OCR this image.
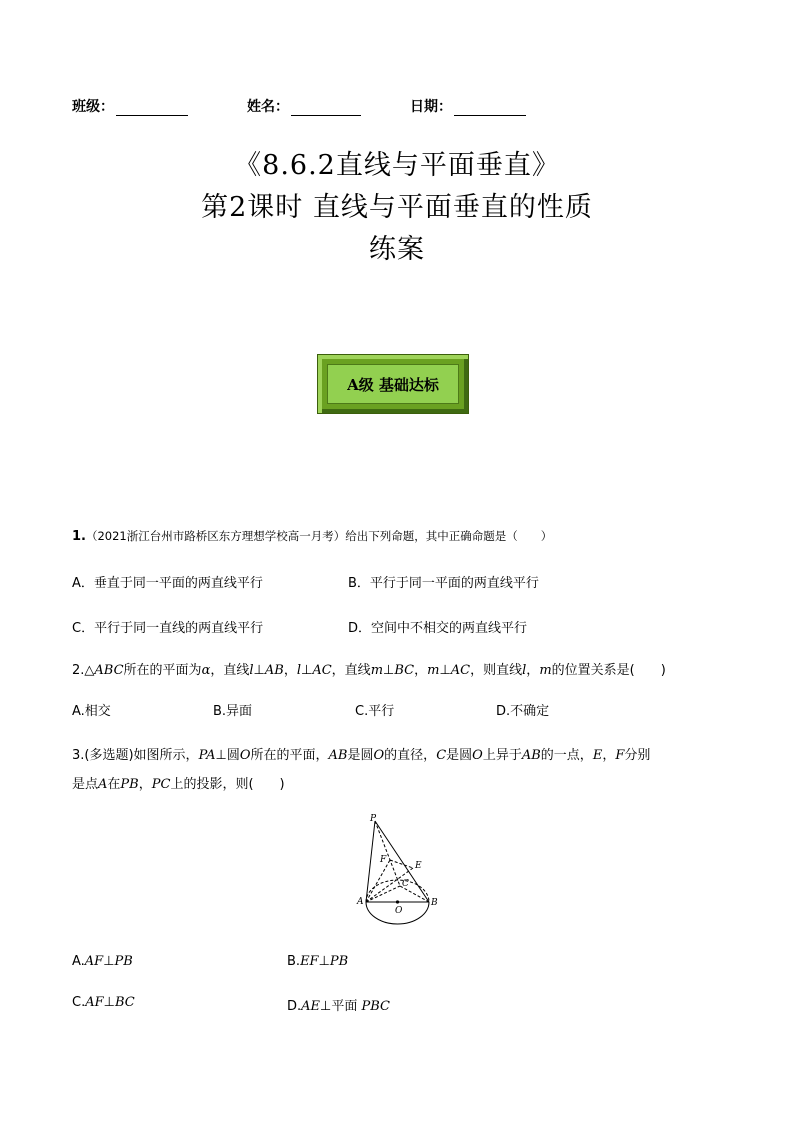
班级：	姓名：	日期：
《8.6.2直线与平面垂直》
第2课时 直线与平面垂直的性质
练案
A级 基础达标
1.（2021浙江台州市路桥区东方理想学校高一月考）给出下列命题，其中正确命题是（　　）
A．垂直于同一平面的两直线平行	B．平行于同一平面的两直线平行
C．平行于同一直线的两直线平行	D．空间中不相交的两直线平行
2.△ABC所在的平面为α，直线l⊥AB，l⊥AC，直线m⊥BC，m⊥AC，则直线l，m的位置关系是(　　)
A.相交	B.异面	C.平行	D.不确定
3.(多选题)如图所示，PA⊥圆O所在的平面，AB是圆O的直径，C是圆O上异于AB的一点，E，F分别
是点A在PB，PC上的投影，则(　　)
P
F
E
C
A
O
B
A.AF⊥PB	B.EF⊥PB
C.AF⊥BC	D.AE⊥平面 PBC
